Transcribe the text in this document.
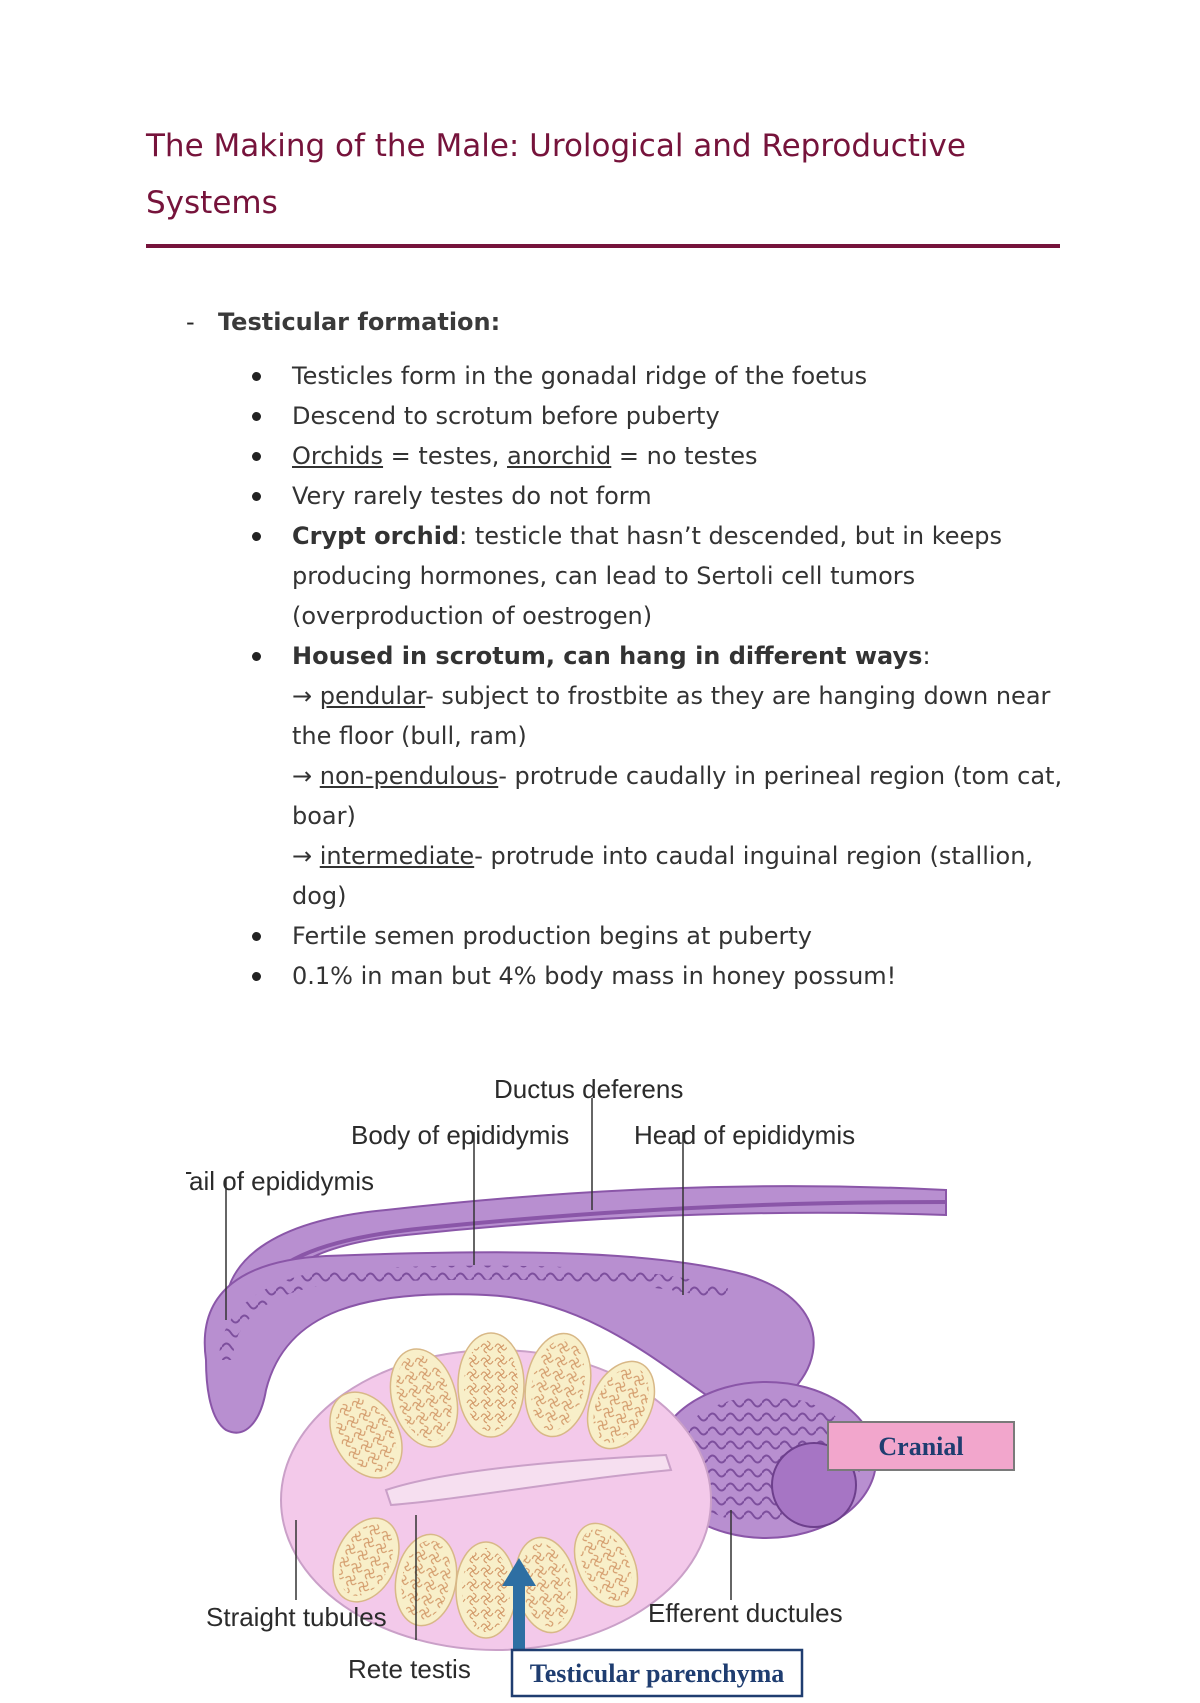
The Making of the Male: Urological and Reproductive Systems
- Testicular formation:
Testicles form in the gonadal ridge of the foetus
Descend to scrotum before puberty
Orchids = testes, anorchid = no testes
Very rarely testes do not form
Crypt orchid: testicle that hasn’t descended, but in keeps producing hormones, can lead to Sertoli cell tumors (overproduction of oestrogen)
Housed in scrotum, can hang in different ways:
→ pendular- subject to frostbite as they are hanging down near the floor (bull, ram)
→ non-pendulous- protrude caudally in perineal region (tom cat, boar)
→ intermediate- protrude into caudal inguinal region (stallion, dog)
Fertile semen production begins at puberty
0.1% in man but 4% body mass in honey possum!
Ductus deferens
Body of epididymis Head of epididymis
Tail of epididymis
Straight tubules
Rete testis
Efferent ductules
Cranial
Testicular parenchyma
